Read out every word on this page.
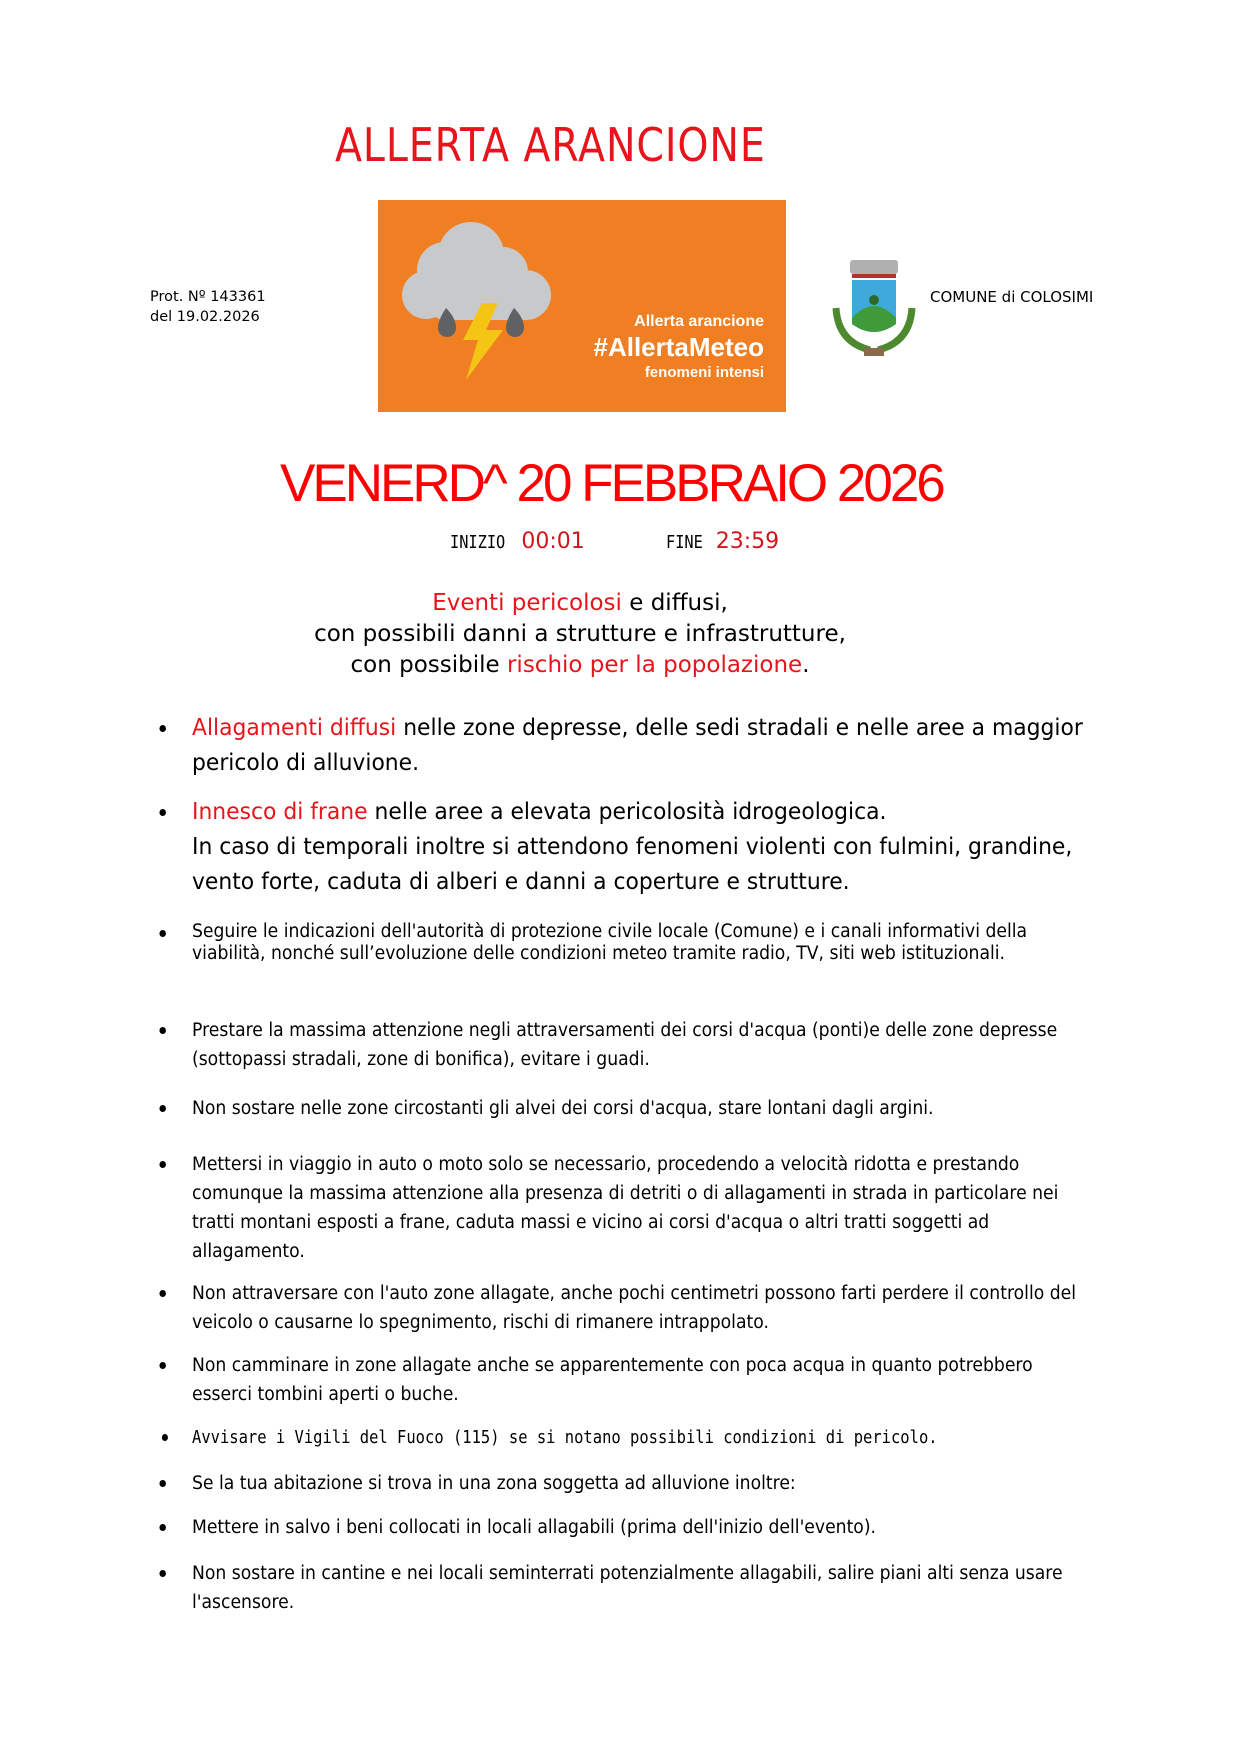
ALLERTA ARANCIONE
Prot. Nº 143361
del 19.02.2026	Allerta arancione
#AllertaMeteo
fenomeni intensi
COMUNE di COLOSIMI
VENERD^ 20 FEBBRAIO 2026
INIZIO 00:01	FINE 23:59
Eventi pericolosi e diffusi,
con possibili danni a strutture e infrastrutture,
con possibile rischio per la popolazione.
Allagamenti diffusi nelle zone depresse, delle sedi stradali e nelle aree a maggior pericolo di alluvione.
Innesco di frane nelle aree a elevata pericolosità idrogeologica.
In caso di temporali inoltre si attendono fenomeni violenti con fulmini, grandine, vento forte, caduta di alberi e danni a coperture e strutture.
Seguire le indicazioni dell'autorità di protezione civile locale (Comune) e i canali informativi della viabilità, nonché sull’evoluzione delle condizioni meteo tramite radio, TV, siti web istituzionali.
Prestare la massima attenzione negli attraversamenti dei corsi d'acqua (ponti)e delle zone depresse (sottopassi stradali, zone di bonifica), evitare i guadi.
Non sostare nelle zone circostanti gli alvei dei corsi d'acqua, stare lontani dagli argini.
Mettersi in viaggio in auto o moto solo se necessario, procedendo a velocità ridotta e prestando comunque la massima attenzione alla presenza di detriti o di allagamenti in strada in particolare nei tratti montani esposti a frane, caduta massi e vicino ai corsi d'acqua o altri tratti soggetti ad allagamento.
Non attraversare con l'auto zone allagate, anche pochi centimetri possono farti perdere il controllo del veicolo o causarne lo spegnimento, rischi di rimanere intrappolato.
Non camminare in zone allagate anche se apparentemente con poca acqua in quanto potrebbero esserci tombini aperti o buche.
Avvisare i Vigili del Fuoco (115) se si notano possibili condizioni di pericolo.
Se la tua abitazione si trova in una zona soggetta ad alluvione inoltre:
Mettere in salvo i beni collocati in locali allagabili (prima dell'inizio dell'evento).
Non sostare in cantine e nei locali seminterrati potenzialmente allagabili, salire piani alti senza usare l'ascensore.
